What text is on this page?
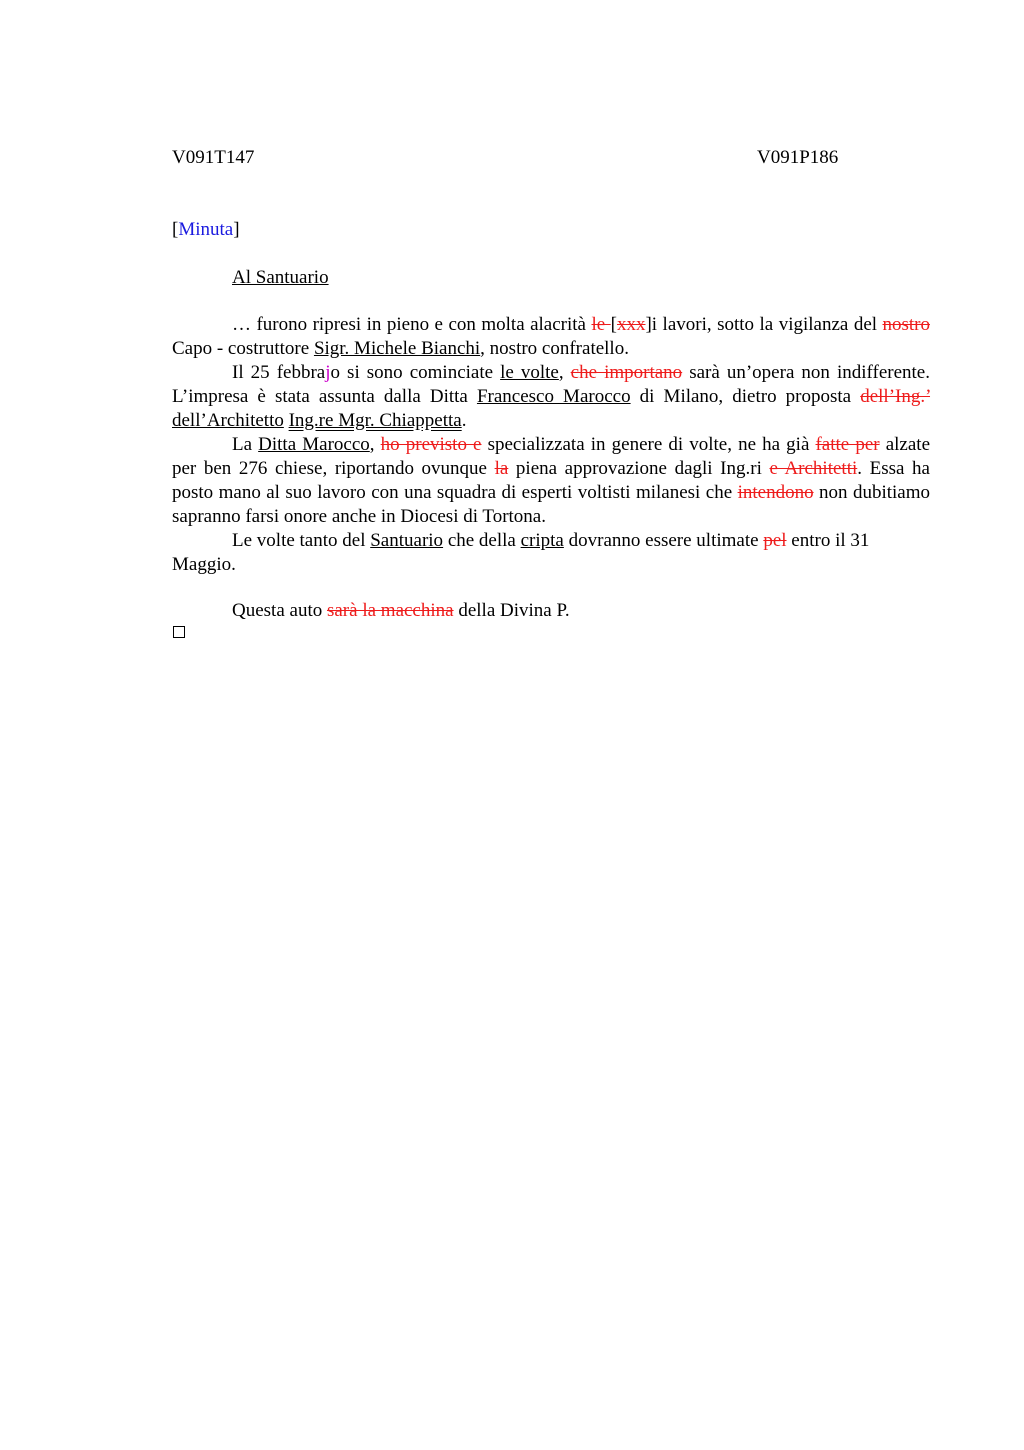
V091T147	V091P186
[Minuta]
Al Santuario

… furono ripresi in pieno e con molta alacrità le [xxx]i lavori, sotto la vigilanza del nostro Capo - costruttore Sigr. Michele Bianchi, nostro confratello.

Il 25 febbrajo si sono cominciate le volte, che importano sarà un’opera non indifferente. L’impresa è stata assunta dalla Ditta Francesco Marocco di Milano, dietro proposta dell’Ing.’ dell’Architetto Ing.re Mgr. Chiappetta.

La Ditta Marocco, ho previsto e specializzata in genere di volte, ne ha già fatte per alzate per ben 276 chiese, riportando ovunque la piena approvazione dagli Ing.ri e Architetti. Essa ha posto mano al suo lavoro con una squadra di esperti voltisti milanesi che intendono non dubitiamo sapranno farsi onore anche in Diocesi di Tortona.

Le volte tanto del Santuario che della cripta dovranno essere ultimate pel entro il 31 Maggio.

Questa auto sarà la macchina della Divina P.
